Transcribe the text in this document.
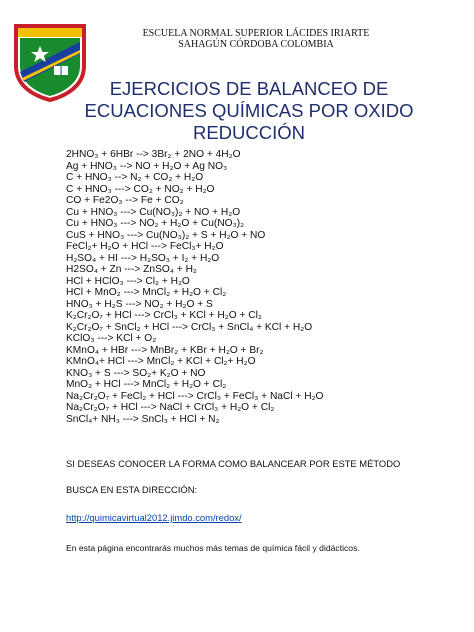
ESCUELA NORMAL SUPERIOR LÁCIDES IRIARTE
SAHAGÚN CÓRDOBA COLOMBIA
EJERCICIOS DE BALANCEO DE
ECUACIONES QUÍMICAS POR OXIDO
REDUCCIÓN
2HNO₃ + 6HBr --> 3Br₂ + 2NO + 4H₂O
Ag + HNO₃ --> NO + H₂O + Ag NO₃
C + HNO₃ --> N₂ + CO₂ + H₂O
C + HNO₃ ---> CO₂ + NO₂ + H₂O
CO + Fe2O₃ --> Fe + CO₂
Cu + HNO₃ ---> Cu(NO₃)₂ + NO + H₂O
Cu + HNO₃ ---> NO₂ + H₂O + Cu(NO₃)₂
CuS + HNO₃ ---> Cu(NO₃)₂ + S + H₂O + NO
FeCl₂+ H₂O + HCl ---> FeCl₃+ H₂O
H₂SO₄ + HI ---> H₂SO₃ + I₂ + H₂O
H2SO₄ + Zn ---> ZnSO₄ + H₂
HCl + HClO₃ ---> Cl₂ + H₂O
HCl + MnO₂ ---> MnCl₂ + H₂O + Cl₂
HNO₃ + H₂S ---> NO₂ + H₂O + S
K₂Cr₂O₇ + HCl ---> CrCl₃ + KCl + H₂O + Cl₂
K₂Cr₂O₇ + SnCl₂ + HCl ---> CrCl₃ + SnCl₄ + KCl + H₂O
KClO₃ ---> KCl + O₂
KMnO₄ + HBr ---> MnBr₂ + KBr + H₂O + Br₂
KMnO₄+ HCl ---> MnCl₂ + KCl + Cl₂+ H₂O
KNO₃ + S ---> SO₂+ K₂O + NO
MnO₂ + HCl ---> MnCl₂ + H₂O + Cl₂
Na₂Cr₂O₇ + FeCl₂ + HCl ---> CrCl₃ + FeCl₃ + NaCl + H₂O
Na₂Cr₂O₇ + HCl ---> NaCl + CrCl₃ + H₂O + Cl₂
SnCl₄+ NH₃ ---> SnCl₃ + HCl + N₂
SI DESEAS CONOCER LA FORMA COMO BALANCEAR POR ESTE MÉTODO
BUSCA EN ESTA DIRECCIÓN:
http://quimicavirtual2012.jimdo.com/redox/
En esta página encontrarás muchos más temas de química fácil y didácticos.
